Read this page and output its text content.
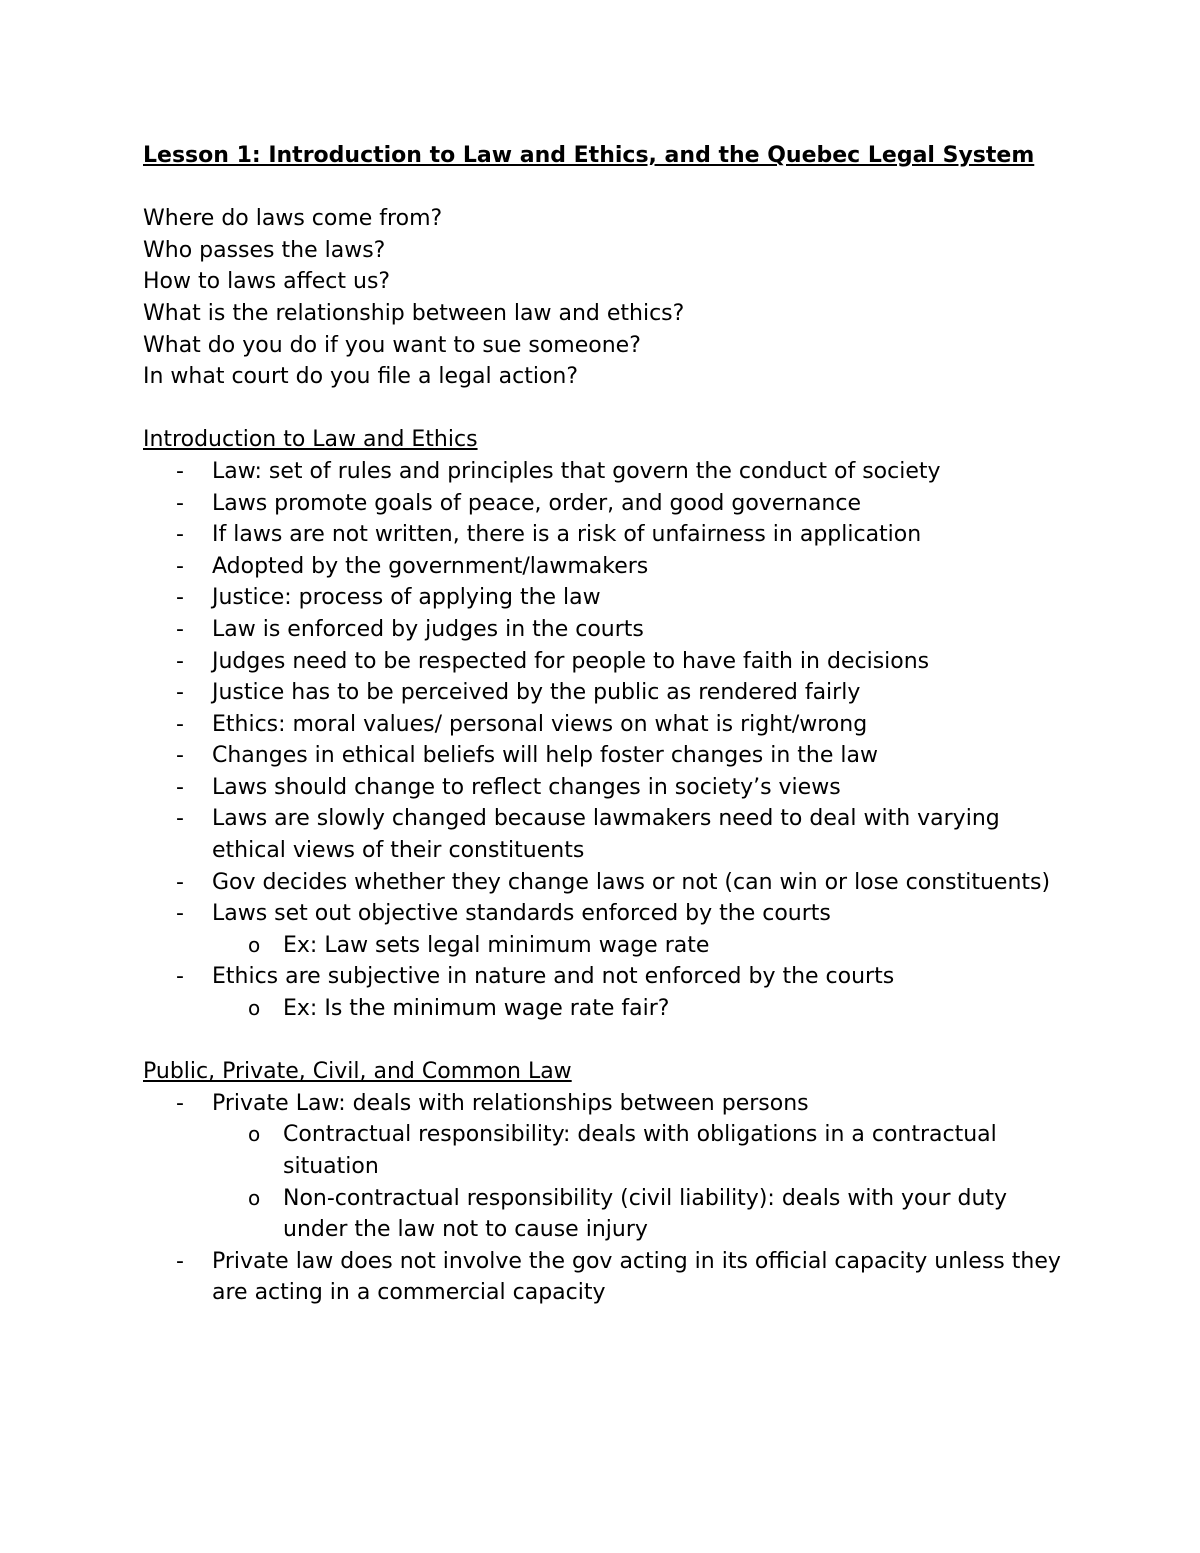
Lesson 1: Introduction to Law and Ethics, and the Quebec Legal System

Where do laws come from?

Who passes the laws?

How to laws affect us?

What is the relationship between law and ethics?

What do you do if you want to sue someone?

In what court do you file a legal action?

Introduction to Law and Ethics

- Law: set of rules and principles that govern the conduct of society
- Laws promote goals of peace, order, and good governance
- If laws are not written, there is a risk of unfairness in application
- Adopted by the government/lawmakers
- Justice: process of applying the law
- Law is enforced by judges in the courts
- Judges need to be respected for people to have faith in decisions
- Justice has to be perceived by the public as rendered fairly
- Ethics: moral values/ personal views on what is right/wrong
- Changes in ethical beliefs will help foster changes in the law
- Laws should change to reflect changes in society’s views
- Laws are slowly changed because lawmakers need to deal with varying ethical views of their constituents
- Gov decides whether they change laws or not (can win or lose constituents)
- Laws set out objective standards enforced by the courts
o Ex: Law sets legal minimum wage rate
- Ethics are subjective in nature and not enforced by the courts
o Ex: Is the minimum wage rate fair?

Public, Private, Civil, and Common Law

- Private Law: deals with relationships between persons
o Contractual responsibility: deals with obligations in a contractual situation
o Non-contractual responsibility (civil liability): deals with your duty under the law not to cause injury
- Private law does not involve the gov acting in its official capacity unless they are acting in a commercial capacity
